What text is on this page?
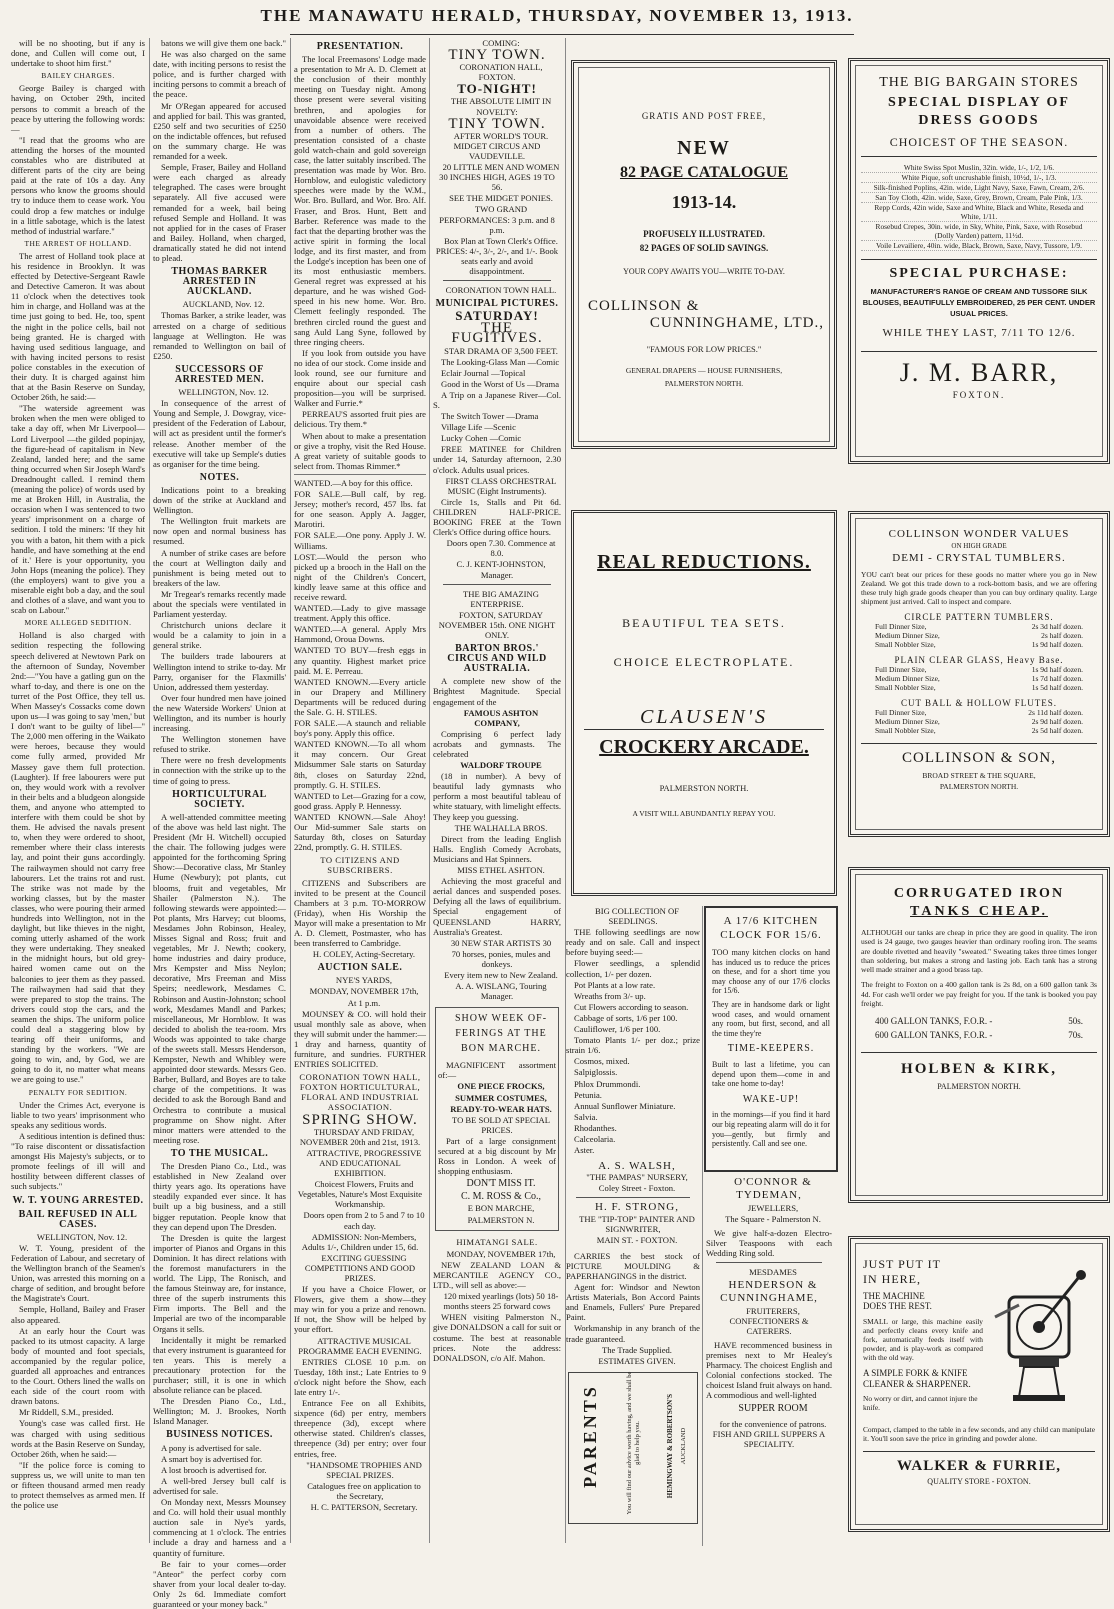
THE MANAWATU HERALD, THURSDAY, NOVEMBER 13, 1913.

will be no shooting, but if any is done, and Cullen will come out, I undertake to shoot him first."

BAILEY CHARGES.

George Bailey is charged with having, on October 29th, incited persons to commit a breach of the peace by uttering the following words:—

"I read that the grooms who are attending the horses of the mounted constables who are distributed at different parts of the city are being paid at the rate of 10s a day. Any persons who know the grooms should try to induce them to cease work. You could drop a few matches or indulge in a little sabotage, which is the latest method of industrial warfare."

THE ARREST OF HOLLAND.

The arrest of Holland took place at his residence in Brooklyn. It was effected by Detective-Sergeant Rawle and Detective Cameron. It was about 11 o'clock when the detectives took him in charge, and Holland was at the time just going to bed. He, too, spent the night in the police cells, bail not being granted. He is charged with having used seditious language, and with having incited persons to resist police constables in the execution of their duty. It is charged against him that at the Basin Reserve on Sunday, October 26th, he said:—

"The waterside agreement was broken when the men were obliged to take a day off, when Mr Liverpool—Lord Liverpool —the gilded popinjay, the figure-head of capitalism in New Zealand, landed here; and the same thing occurred when Sir Joseph Ward's Dreadnought called. I remind them (meaning the police) of words used by me at Broken Hill, in Australia, the occasion when I was sentenced to two years' imprisonment on a charge of sedition. I told the miners: 'If they hit you with a baton, hit them with a pick handle, and have something at the end of it.' Here is your opportunity, you John Hops (meaning the police). They (the employers) want to give you a miserable eight bob a day, and the soul and clothes of a slave, and want you to scab on Labour."

MORE ALLEGED SEDITION.

Holland is also charged with sedition respecting the following speech delivered at Newtown Park on the afternoon of Sunday, November 2nd:—"You have a gatling gun on the wharf to-day, and there is one on the turret of the Post Office, they tell us. When Massey's Cossacks come down upon us—I was going to say 'men,' but I don't want to be guilty of libel—" The 2,000 men offering in the Waikato were heroes, because they would come fully armed, provided Mr Massey gave them full protection. (Laughter). If free labourers were put on, they would work with a revolver in their belts and a bludgeon alongside them, and anyone who attempted to interfere with them could be shot by them. He advised the navals present to, when they were ordered to shoot, remember where their class interests lay, and point their guns accordingly. The railwaymen should not carry free labourers. Let the trains rot and rust. The strike was not made by the working classes, but by the master classes, who were pouring their armed hundreds into Wellington, not in the daylight, but like thieves in the night, coming utterly ashamed of the work they were undertaking. They sneaked in the midnight hours, but old grey-haired women came out on the balconies to jeer them as they passed. The railwaymen had said that they were prepared to stop the trains. The drivers could stop the cars, and the seamen the ships. The uniform police could deal a staggering blow by tearing off their uniforms, and standing by the workers. "We are going to win, and, by God, we are going to do it, no matter what means we are going to use."

PENALTY FOR SEDITION.

Under the Crimes Act, everyone is liable to two years' imprisonment who speaks any seditious words.

A seditious intention is defined thus: "To raise discontent or dissatisfaction amongst His Majesty's subjects, or to promote feelings of ill will and hostility between different classes of such subjects."

W. T. YOUNG ARRESTED.
BAIL REFUSED IN ALL CASES.

WELLINGTON, Nov. 12.

W. T. Young, president of the Federation of Labour, and secretary of the Wellington branch of the Seamen's Union, was arrested this morning on a charge of sedition, and brought before the Magistrate's Court.

Semple, Holland, Bailey and Fraser also appeared.

At an early hour the Court was packed to its utmost capacity. A large body of mounted and foot specials, accompanied by the regular police, guarded all approaches and entrances to the Court. Others lined the walls on each side of the court room with drawn batons.

Mr Riddell, S.M., presided.

Young's case was called first. He was charged with using seditious words at the Basin Reserve on Sunday, October 26th, when he said:—

"If the police force is coming to suppress us, we will unite to man ten or fifteen thousand armed men ready to protect themselves as armed men. If the police use

batons we will give them one back."

He was also charged on the same date, with inciting persons to resist the police, and is further charged with inciting persons to commit a breach of the peace.

Mr O'Regan appeared for accused and applied for bail. This was granted, £250 self and two securities of £250 on the indictable offences, but refused on the summary charge. He was remanded for a week.

Semple, Fraser, Bailey and Holland were each charged as already telegraphed. The cases were brought separately. All five accused were remanded for a week, bail being refused Semple and Holland. It was not applied for in the cases of Fraser and Bailey. Holland, when charged, dramatically stated he did not intend to plead.

THOMAS BARKER ARRESTED IN AUCKLAND.

AUCKLAND, Nov. 12.

Thomas Barker, a strike leader, was arrested on a charge of seditious language at Wellington. He was remanded to Wellington on bail of £250.

SUCCESSORS OF ARRESTED MEN.

WELLINGTON, Nov. 12.

In consequence of the arrest of Young and Semple, J. Dowgray, vice-president of the Federation of Labour, will act as president until the former's release. Another member of the executive will take up Semple's duties as organiser for the time being.

NOTES.

Indications point to a breaking down of the strike at Auckland and Wellington.

The Wellington fruit markets are now open and normal business has resumed.

A number of strike cases are before the court at Wellington daily and punishment is being meted out to breakers of the law.

Mr Tregear's remarks recently made about the specials were ventilated in Parliament yesterday.

Christchurch unions declare it would be a calamity to join in a general strike.

The builders trade labourers at Wellington intend to strike to-day. Mr Parry, organiser for the Flaxmills' Union, addressed them yesterday.

Over four hundred men have joined the new Waterside Workers' Union at Wellington, and its number is hourly increasing.

The Wellington stonemen have refused to strike.

There were no fresh developments in connection with the strike up to the time of going to press.

HORTICULTURAL SOCIETY.

A well-attended committee meeting of the above was held last night. The President (Mr H. Witchell) occupied the chair. The following judges were appointed for the forthcoming Spring Show:—Decorative class, Mr Stanley Hume (Newbury); pot plants, cut blooms, fruit and vegetables, Mr Shailer (Palmerston N.). The following stewards were appointed:—Pot plants, Mrs Harvey; cut blooms, Mesdames John Robinson, Healey, Misses Signal and Ross; fruit and vegetables, Mr J. Newth; cookery, home industries and dairy produce, Mrs Kempster and Miss Neylon; decorative, Mrs Freeman and Miss Speirs; needlework, Mesdames C. Robinson and Austin-Johnston; school work, Mesdames Mandl and Parkes; miscellaneous, Mr Hornblow. It was decided to abolish the tea-room. Mrs Woods was appointed to take charge of the sweets stall. Messrs Henderson, Kempster, Newth and Whibley were appointed door stewards. Messrs Geo. Barber, Bullard, and Boyes are to take charge of the competitions. It was decided to ask the Borough Band and Orchestra to contribute a musical programme on Show night. After minor matters were attended to the meeting rose.

TO THE MUSICAL.

The Dresden Piano Co., Ltd., was established in New Zealand over thirty years ago. Its operations have steadily expanded ever since. It has built up a big business, and a still bigger reputation. People know that they can depend upon The Dresden.

The Dresden is quite the largest importer of Pianos and Organs in this Dominion. It has direct relations with the foremost manufacturers in the world. The Lipp, The Ronisch, and the famous Steinway are, for instance, three of the superb instruments this Firm imports. The Bell and the Imperial are two of the incomparable Organs it sells.

Incidentally it might be remarked that every instrument is guaranteed for ten years. This is merely a precautionary protection for the purchaser; still, it is one in which absolute reliance can be placed.

The Dresden Piano Co., Ltd., Wellington; M. J. Brookes, North Island Manager.

BUSINESS NOTICES.

A pony is advertised for sale.

A smart boy is advertised for.

A lost brooch is advertised for.

A well-bred Jersey bull calf is advertised for sale.

On Monday next, Messrs Mounsey and Co. will hold their usual monthly auction sale in Nye's yards, commencing at 1 o'clock. The entries include a dray and harness and a quantity of furniture.

Be fair to your cornes—order "Anteor" the perfect corby corn shaver from your local dealer to-day. Only 2s 6d. Immediate comfort guaranteed or your money back."

PRESENTATION.

The local Freemasons' Lodge made a presentation to Mr A. D. Clemett at the conclusion of their monthly meeting on Tuesday night. Among those present were several visiting brethren, and apologies for unavoidable absence were received from a number of others. The presentation consisted of a chaste gold watch-chain and gold sovereign case, the latter suitably inscribed. The presentation was made by Wor. Bro. Hornblow, and eulogistic valedictory speeches were made by the W.M., Wor. Bro. Bullard, and Wor. Bro. Alf. Fraser, and Bros. Hunt, Bett and Barber. Reference was made to the fact that the departing brother was the active spirit in forming the local lodge, and its first master, and from the Lodge's inception has been one of its most enthusiastic members. General regret was expressed at his departure, and he was wished God-speed in his new home. Wor. Bro. Clemett feelingly responded. The brethren circled round the guest and sang Auld Lang Syne, followed by three ringing cheers.

If you look from outside you have no idea of our stock. Come inside and look round, see our furniture and enquire about our special cash proposition—you will be surprised. Walker and Furrie.*

PERREAU'S assorted fruit pies are delicious. Try them.*

When about to make a presentation or give a trophy, visit the Red House. A great variety of suitable goods to select from. Thomas Rimmer.*

WANTED.—A boy for this office.

FOR SALE.—Bull calf, by reg. Jersey; mother's record, 457 lbs. fat for one season. Apply A. Jagger, Marotiri.

FOR SALE.—One pony. Apply J. W. Williams.

LOST.—Would the person who picked up a brooch in the Hall on the night of the Children's Concert, kindly leave same at this office and receive reward.

WANTED.—Lady to give massage treatment. Apply this office.

WANTED.—A general. Apply Mrs Hammond, Oroua Downs.

WANTED TO BUY—fresh eggs in any quantity. Highest market price paid. M. E. Perreau.

WANTED KNOWN.—Every article in our Drapery and Millinery Departments will be reduced during the Sale. G. H. STILES.

FOR SALE.—A staunch and reliable boy's pony. Apply this office.

WANTED KNOWN.—To all whom it may concern. Our Great Midsummer Sale starts on Saturday 8th, closes on Saturday 22nd, promptly. G. H. STILES.

WANTED to Let—Grazing for a cow, good grass. Apply P. Hennessy.

WANTED KNOWN.—Sale Ahoy! Our Mid-summer Sale starts on Saturday 8th, closes on Saturday 22nd, promptly. G. H. STILES.

TO CITIZENS AND SUBSCRIBERS.

CITIZENS and Subscribers are invited to be present at the Council Chambers at 3 p.m. TO-MORROW (Friday), when His Worship the Mayor will make a presentation to Mr A. D. Clemett, Postmaster, who has been transferred to Cambridge.

H. COLEY, Acting-Secretary.

AUCTION SALE.

NYE'S YARDS,

MONDAY, NOVEMBER 17th,

At 1 p.m.

MOUNSEY & CO. will hold their usual monthly sale as above, when they will submit under the hammer:—1 dray and harness, quantity of furniture, and sundries. FURTHER ENTRIES SOLICITED.

CORONATION TOWN HALL, FOXTON HORTICULTURAL, FLORAL AND INDUSTRIAL ASSOCIATION.
SPRING SHOW.

THURSDAY AND FRIDAY, NOVEMBER 20th and 21st, 1913.

ATTRACTIVE, PROGRESSIVE AND EDUCATIONAL EXHIBITION.

Choicest Flowers, Fruits and Vegetables, Nature's Most Exquisite Workmanship.

Doors open from 2 to 5 and 7 to 10 each day.

ADMISSION: Non-Members, Adults 1/-, Children under 15, 6d.

EXCITING GUESSING COMPETITIONS AND GOOD PRIZES.

If you have a Choice Flower, or Flowers, give them a show—they may win for you a prize and renown. If not, the Show will be helped by your effort.

ATTRACTIVE MUSICAL PROGRAMME EACH EVENING.

ENTRIES CLOSE 10 p.m. on Tuesday, 18th inst.; Late Entries to 9 o'clock night before the Show, each late entry 1/-.

Entrance Fee on all Exhibits, sixpence (6d) per entry, members threepence (3d), except where otherwise stated. Children's classes, threepence (3d) per entry; over four entries, free.

"HANDSOME TROPHIES AND SPECIAL PRIZES.

Catalogues free on application to the Secretary,

H. C. PATTERSON, Secretary.

COMING:

TINY TOWN.

CORONATION HALL, FOXTON.

TO-NIGHT!

THE ABSOLUTE LIMIT IN NOVELTY:

TINY TOWN.

AFTER WORLD'S TOUR. MIDGET CIRCUS AND VAUDEVILLE.

20 LITTLE MEN AND WOMEN 30 INCHES HIGH, AGES 19 TO 56.

SEE THE MIDGET PONIES.

TWO GRAND PERFORMANCES: 3 p.m. and 8 p.m.

Box Plan at Town Clerk's Office. PRICES: 4/-, 3/-, 2/-, and 1/-. Book seats early and avoid disappointment.

CORONATION TOWN HALL.

MUNICIPAL PICTURES.
SATURDAY!
THE FUGITIVES.

STAR DRAMA OF 3,500 FEET.

The Looking-Glass Man —Comic

Eclair Journal —Topical

Good in the Worst of Us —Drama

A Trip on a Japanese River—Col. S.

The Switch Tower —Drama

Village Life —Scenic

Lucky Cohen —Comic

FREE MATINEE for Children under 14, Saturday afternoon, 2.30 o'clock. Adults usual prices.

FIRST CLASS ORCHESTRAL MUSIC (Eight Instruments).

Circle 1s, Stalls and Pit 6d. CHILDREN HALF-PRICE. BOOKING FREE at the Town Clerk's Office during office hours.

Doors open 7.30. Commence at 8.0.

C. J. KENT-JOHNSTON, Manager.

THE BIG AMAZING ENTERPRISE.

FOXTON, SATURDAY NOVEMBER 15th. ONE NIGHT ONLY.

BARTON BROS.' CIRCUS AND WILD AUSTRALIA.

A complete new show of the Brightest Magnitude. Special engagement of the

FAMOUS ASHTON COMPANY,

Comprising 6 perfect lady acrobats and gymnasts. The celebrated

WALDORF TROUPE

(18 in number). A bevy of beautiful lady gymnasts who perform a most beautiful tableau of white statuary, with limelight effects. They keep you guessing.

THE WALHALLA BROS.

Direct from the leading English Halls. English Comedy Acrobats, Musicians and Hat Spinners.

MISS ETHEL ASHTON.

Achieving the most graceful and aerial dances and suspended poses. Defying all the laws of equilibrium. Special engagement of QUEENSLAND HARRY, Australia's Greatest.

30 NEW STAR ARTISTS 30

70 horses, ponies, mules and donkeys.

Every item new to New Zealand.

A. A. WISLANG, Touring Manager.

SHOW WEEK OF-

FERINGS AT THE

BON MARCHE.

MAGNIFICENT assortment of:—

ONE PIECE FROCKS,

SUMMER COSTUMES,

READY-TO-WEAR HATS.

TO BE SOLD AT SPECIAL PRICES.

Part of a large consignment secured at a big discount by Mr Ross in London. A week of shopping enthusiasm.

DON'T MISS IT.

C. M. ROSS & Co.,

E BON MARCHE,

PALMERSTON N.

HIMATANGI SALE.

MONDAY, NOVEMBER 17th,

NEW ZEALAND LOAN & MERCANTILE AGENCY CO., LTD., will sell as above:—

120 mixed yearlings (lots) 50 18-months steers 25 forward cows

WHEN visiting Palmerston N., give DONALDSON a call for suit or costume. The best at reasonable prices. Note the address: DONALDSON, c/o Alf. Mahon.

GRATIS AND POST FREE,

NEW

82 PAGE CATALOGUE

1913-14.

PROFUSELY ILLUSTRATED.

82 PAGES OF SOLID SAVINGS.

YOUR COPY AWAITS YOU—WRITE TO-DAY.

COLLINSON &

CUNNINGHAME, LTD.,

"FAMOUS FOR LOW PRICES."

GENERAL DRAPERS — HOUSE FURNISHERS,

PALMERSTON NORTH.

REAL REDUCTIONS.

BEAUTIFUL TEA SETS.

CHOICE ELECTROPLATE.

CLAUSEN'S

CROCKERY ARCADE.

PALMERSTON NORTH.

A VISIT WILL ABUNDANTLY REPAY YOU.

BIG COLLECTION OF SEEDLINGS.

THE following seedlings are now ready and on sale. Call and inspect before buying seed:—

Flower seedlings, a splendid collection, 1/- per dozen.

Pot Plants at a low rate.

Wreaths from 3/- up.

Cut Flowers according to season.

Cabbage of sorts, 1/6 per 100.

Cauliflower, 1/6 per 100.

Tomato Plants 1/- per doz.; prize strain 1/6.

Cosmos, mixed.

Salpiglossis.

Phlox Drummondi.

Petunia.

Annual Sunflower Miniature.

Salvia.

Rhodanthes.

Calceolaria.

Aster.

A. S. WALSH,

"THE PAMPAS" NURSERY,

Coley Street - Foxton.

H. F. STRONG,

THE "TIP-TOP" PAINTER AND SIGNWRITER,

MAIN ST. - FOXTON.

CARRIES the best stock of PICTURE MOULDING & PAPERHANGINGS in the district.

Agent for: Windsor and Newton Artists Materials, Bon Accord Paints and Enamels, Fullers' Pure Prepared Paint.

Workmanship in any branch of the trade guaranteed.

The Trade Supplied.

ESTIMATES GIVEN.

PARENTS	You will find our advice worth having, and we shall be glad to help you.	HEMINGWAY & ROBERTSON'S AUCKLAND

A 17/6 KITCHEN CLOCK FOR 15/6.

TOO many kitchen clocks on hand has induced us to reduce the prices on these, and for a short time you may choose any of our 17/6 clocks for 15/6.

They are in handsome dark or light wood cases, and would ornament any room, but first, second, and all the time they're

TIME-KEEPERS.

Built to last a lifetime, you can depend upon them—come in and take one home to-day!

WAKE-UP!

in the mornings—if you find it hard our big repeating alarm will do it for you—gently, but firmly and persistently. Call and see one.

O'CONNOR & TYDEMAN,

JEWELLERS,

The Square - Palmerston N.

We give half-a-dozen Electro-Silver Teaspoons with each Wedding Ring sold.

MESDAMES

HENDERSON & CUNNINGHAME,

FRUITERERS, CONFECTIONERS & CATERERS.

HAVE recommenced business in premises next to Mr Healey's Pharmacy. The choicest English and Colonial confections stocked. The choicest Island fruit always on hand. A commodious and well-lighted

SUPPER ROOM

for the convenience of patrons. FISH AND GRILL SUPPERS A SPECIALITY.

THE BIG BARGAIN STORES

SPECIAL DISPLAY OF

DRESS GOODS

CHOICEST OF THE SEASON.

White Swiss Spot Muslin, 32in. wide, 1/-, 1/2, 1/6.

White Pique, soft uncrushable finish, 10½d, 1/-, 1/3.

Silk-finished Poplins, 42in. wide, Light Navy, Saxe, Fawn, Cream, 2/6.

San Toy Cloth, 42in. wide, Saxe, Grey, Brown, Cream, Pale Pink, 1/3.

Repp Cords, 42in wide, Saxe and White, Black and White, Reseda and White, 1/11.

Rosebud Crepes, 30in. wide, in Sky, White, Pink, Saxe, with Rosebud (Dolly Varden) pattern, 11½d.

Voile Levailiere, 40in. wide, Black, Brown, Saxe, Navy, Tussore, 1/9.

SPECIAL PURCHASE:

MANUFACTURER'S RANGE OF CREAM AND TUSSORE SILK BLOUSES, BEAUTIFULLY EMBROIDERED, 25 PER CENT. UNDER USUAL PRICES.

WHILE THEY LAST, 7/11 TO 12/6.

J. M. BARR,

FOXTON.

COLLINSON WONDER VALUES

ON HIGH GRADE

DEMI - CRYSTAL TUMBLERS.

YOU can't beat our prices for these goods no matter where you go in New Zealand. We got this trade down to a rock-bottom basis, and we are offering these truly high grade goods cheaper than you can buy ordinary quality. Large shipment just arrived. Call to inspect and compare.

CIRCLE PATTERN TUMBLERS.

Full Dinner Size,	2s 3d half dozen.
Medium Dinner Size,	2s half dozen.
Small Nobbler Size,	1s 9d half dozen.

PLAIN CLEAR GLASS, Heavy Base.

Full Dinner Size,	1s 9d half dozen.
Medium Dinner Size,	1s 7d half dozen.
Small Nobbler Size,	1s 5d half dozen.

CUT BALL & HOLLOW FLUTES.

Full Dinner Size,	2s 11d half dozen.
Medium Dinner Size,	2s 9d half dozen.
Small Nobbler Size,	2s 5d half dozen.

COLLINSON & SON,

BROAD STREET & THE SQUARE,

PALMERSTON NORTH.

CORRUGATED IRON

TANKS CHEAP.

ALTHOUGH our tanks are cheap in price they are good in quality. The iron used is 24 gauge, two gauges heavier than ordinary roofing iron. The seams are double rivetted and heavily "sweated." Sweating takes three times longer than soldering, but makes a strong and lasting job. Each tank has a strong well made strainer and a good brass tap.

The freight to Foxton on a 400 gallon tank is 2s 8d, on a 600 gallon tank 3s 4d. For cash we'll order we pay freight for you. If the tank is booked you pay freight.

400 GALLON TANKS, F.O.R. -	50s.
600 GALLON TANKS, F.O.R. -	70s.

HOLBEN & KIRK,

PALMERSTON NORTH.

JUST PUT IT

IN HERE,

THE MACHINE

DOES THE REST.

SMALL or large, this machine easily and perfectly cleans every knife and fork, automatically feeds itself with powder, and is play-work as compared with the old way.

A SIMPLE FORK & KNIFE CLEANER & SHARPENER.

No worry or dirt, and cannot injure the knife.

Compact, clamped to the table in a few seconds, and any child can manipulate it. You'll soon save the price in grinding and powder alone.

WALKER & FURRIE,

QUALITY STORE - FOXTON.
